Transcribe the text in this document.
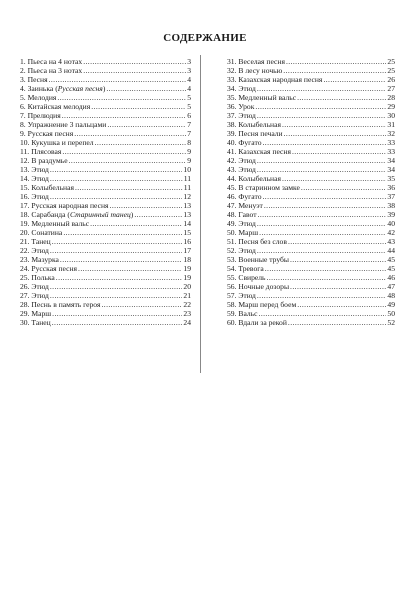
СОДЕРЖАНИЕ
1. Пьеса на 4 нотах .....	3
2. Пьеса на 3 нотах .....	3
3. Песня .....	4
4. Заинька (Русская песня) .....	4
5. Мелодия .....	5
6. Китайская мелодия .....	5
7. Прелюдия .....	6
8. Упражнение 3 пальцами .....	7
9. Русская песня .....	7
10. Кукушка и перепел .....	8
11. Плясовая .....	9
12. В раздумье .....	9
13. Этюд .....	10
14. Этюд .....	11
15. Колыбельная .....	11
16. Этюд .....	12
17. Русская народная песня .....	13
18. Сарабанда (Старинный танец) .....	13
19. Медленный вальс .....	14
20. Сонатина .....	15
21. Танец .....	16
22. Этюд .....	17
23. Мазурка .....	18
24. Русская песня .....	19
25. Полька .....	19
26. Этюд .....	20
27. Этюд .....	21
28. Песнь в память героя .....	22
29. Марш .....	23
30. Танец .....	24
31. Веселая песня .....	25
32. В лесу ночью .....	25
33. Казахская народная песня .....	26
34. Этюд .....	27
35. Медленный вальс .....	28
36. Урок .....	29
37. Этюд .....	30
38. Колыбельная .....	31
39. Песня печали .....	32
40. Фугато .....	33
41. Казахская песня .....	33
42. Этюд .....	34
43. Этюд .....	34
44. Колыбельная .....	35
45. В старинном замке .....	36
46. Фугато .....	37
47. Менуэт .....	38
48. Гавот .....	39
49. Этюд .....	40
50. Марш .....	42
51. Песня без слов .....	43
52. Этюд .....	44
53. Военные трубы .....	45
54. Тревога .....	45
55. Свирель .....	46
56. Ночные дозоры .....	47
57. Этюд .....	48
58. Марш перед боем .....	49
59. Вальс .....	50
60. Вдали за рекой .....	52
